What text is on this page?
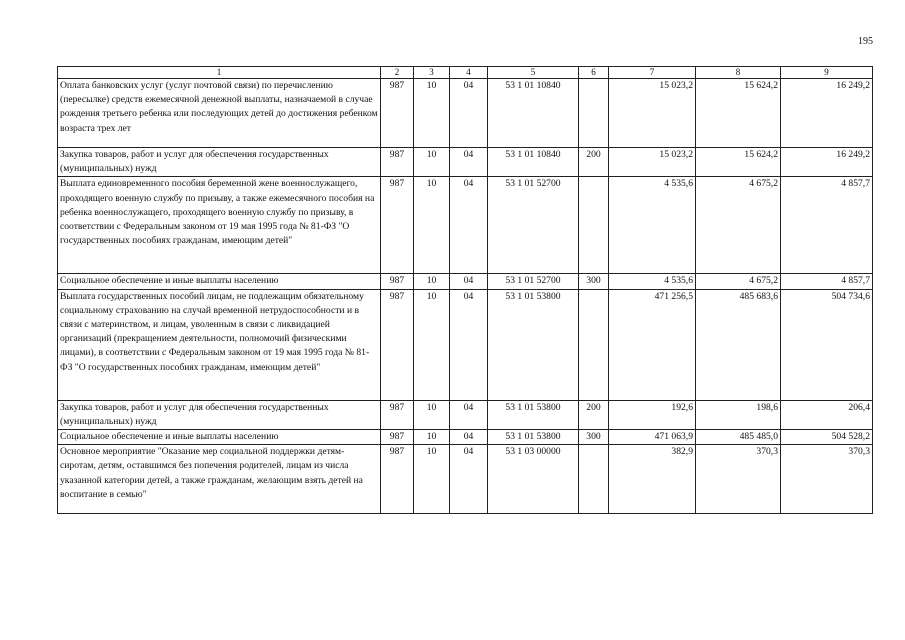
195
1	2	3	4	5	6	7	8	9
Оплата банковских услуг (услуг почтовой связи) по перечислению (пересылке) средств ежемесячной денежной выплаты, назначаемой в случае рождения третьего ребенка или последующих детей до достижения ребенком возраста трех лет	987	10	04	53 1 01 10840		15 023,2	15 624,2	16 249,2
Закупка товаров, работ и услуг для обеспечения государственных (муниципальных) нужд	987	10	04	53 1 01 10840	200	15 023,2	15 624,2	16 249,2
Выплата единовременного пособия беременной жене военнослужащего, проходящего военную службу по призыву, а также ежемесячного пособия на ребенка военнослужащего, проходящего военную службу по призыву, в соответствии с Федеральным законом от 19 мая 1995 года № 81-ФЗ "О государственных пособиях гражданам, имеющим детей"	987	10	04	53 1 01 52700		4 535,6	4 675,2	4 857,7
Социальное обеспечение и иные выплаты населению	987	10	04	53 1 01 52700	300	4 535,6	4 675,2	4 857,7
Выплата государственных пособий лицам, не подлежащим обязательному социальному страхованию на случай временной нетрудоспособности и в связи с материнством, и лицам, уволенным в связи с ликвидацией организаций (прекращением деятельности, полномочий физическими лицами), в соответствии с Федеральным законом от 19 мая 1995 года № 81-ФЗ "О государственных пособиях гражданам, имеющим детей"	987	10	04	53 1 01 53800		471 256,5	485 683,6	504 734,6
Закупка товаров, работ и услуг для обеспечения государственных (муниципальных) нужд	987	10	04	53 1 01 53800	200	192,6	198,6	206,4
Социальное обеспечение и иные выплаты населению	987	10	04	53 1 01 53800	300	471 063,9	485 485,0	504 528,2
Основное мероприятие "Оказание мер социальной поддержки детям-сиротам, детям, оставшимся без попечения родителей, лицам из числа указанной категории детей, а также гражданам, желающим взять детей на воспитание в семью"	987	10	04	53 1 03 00000		382,9	370,3	370,3
